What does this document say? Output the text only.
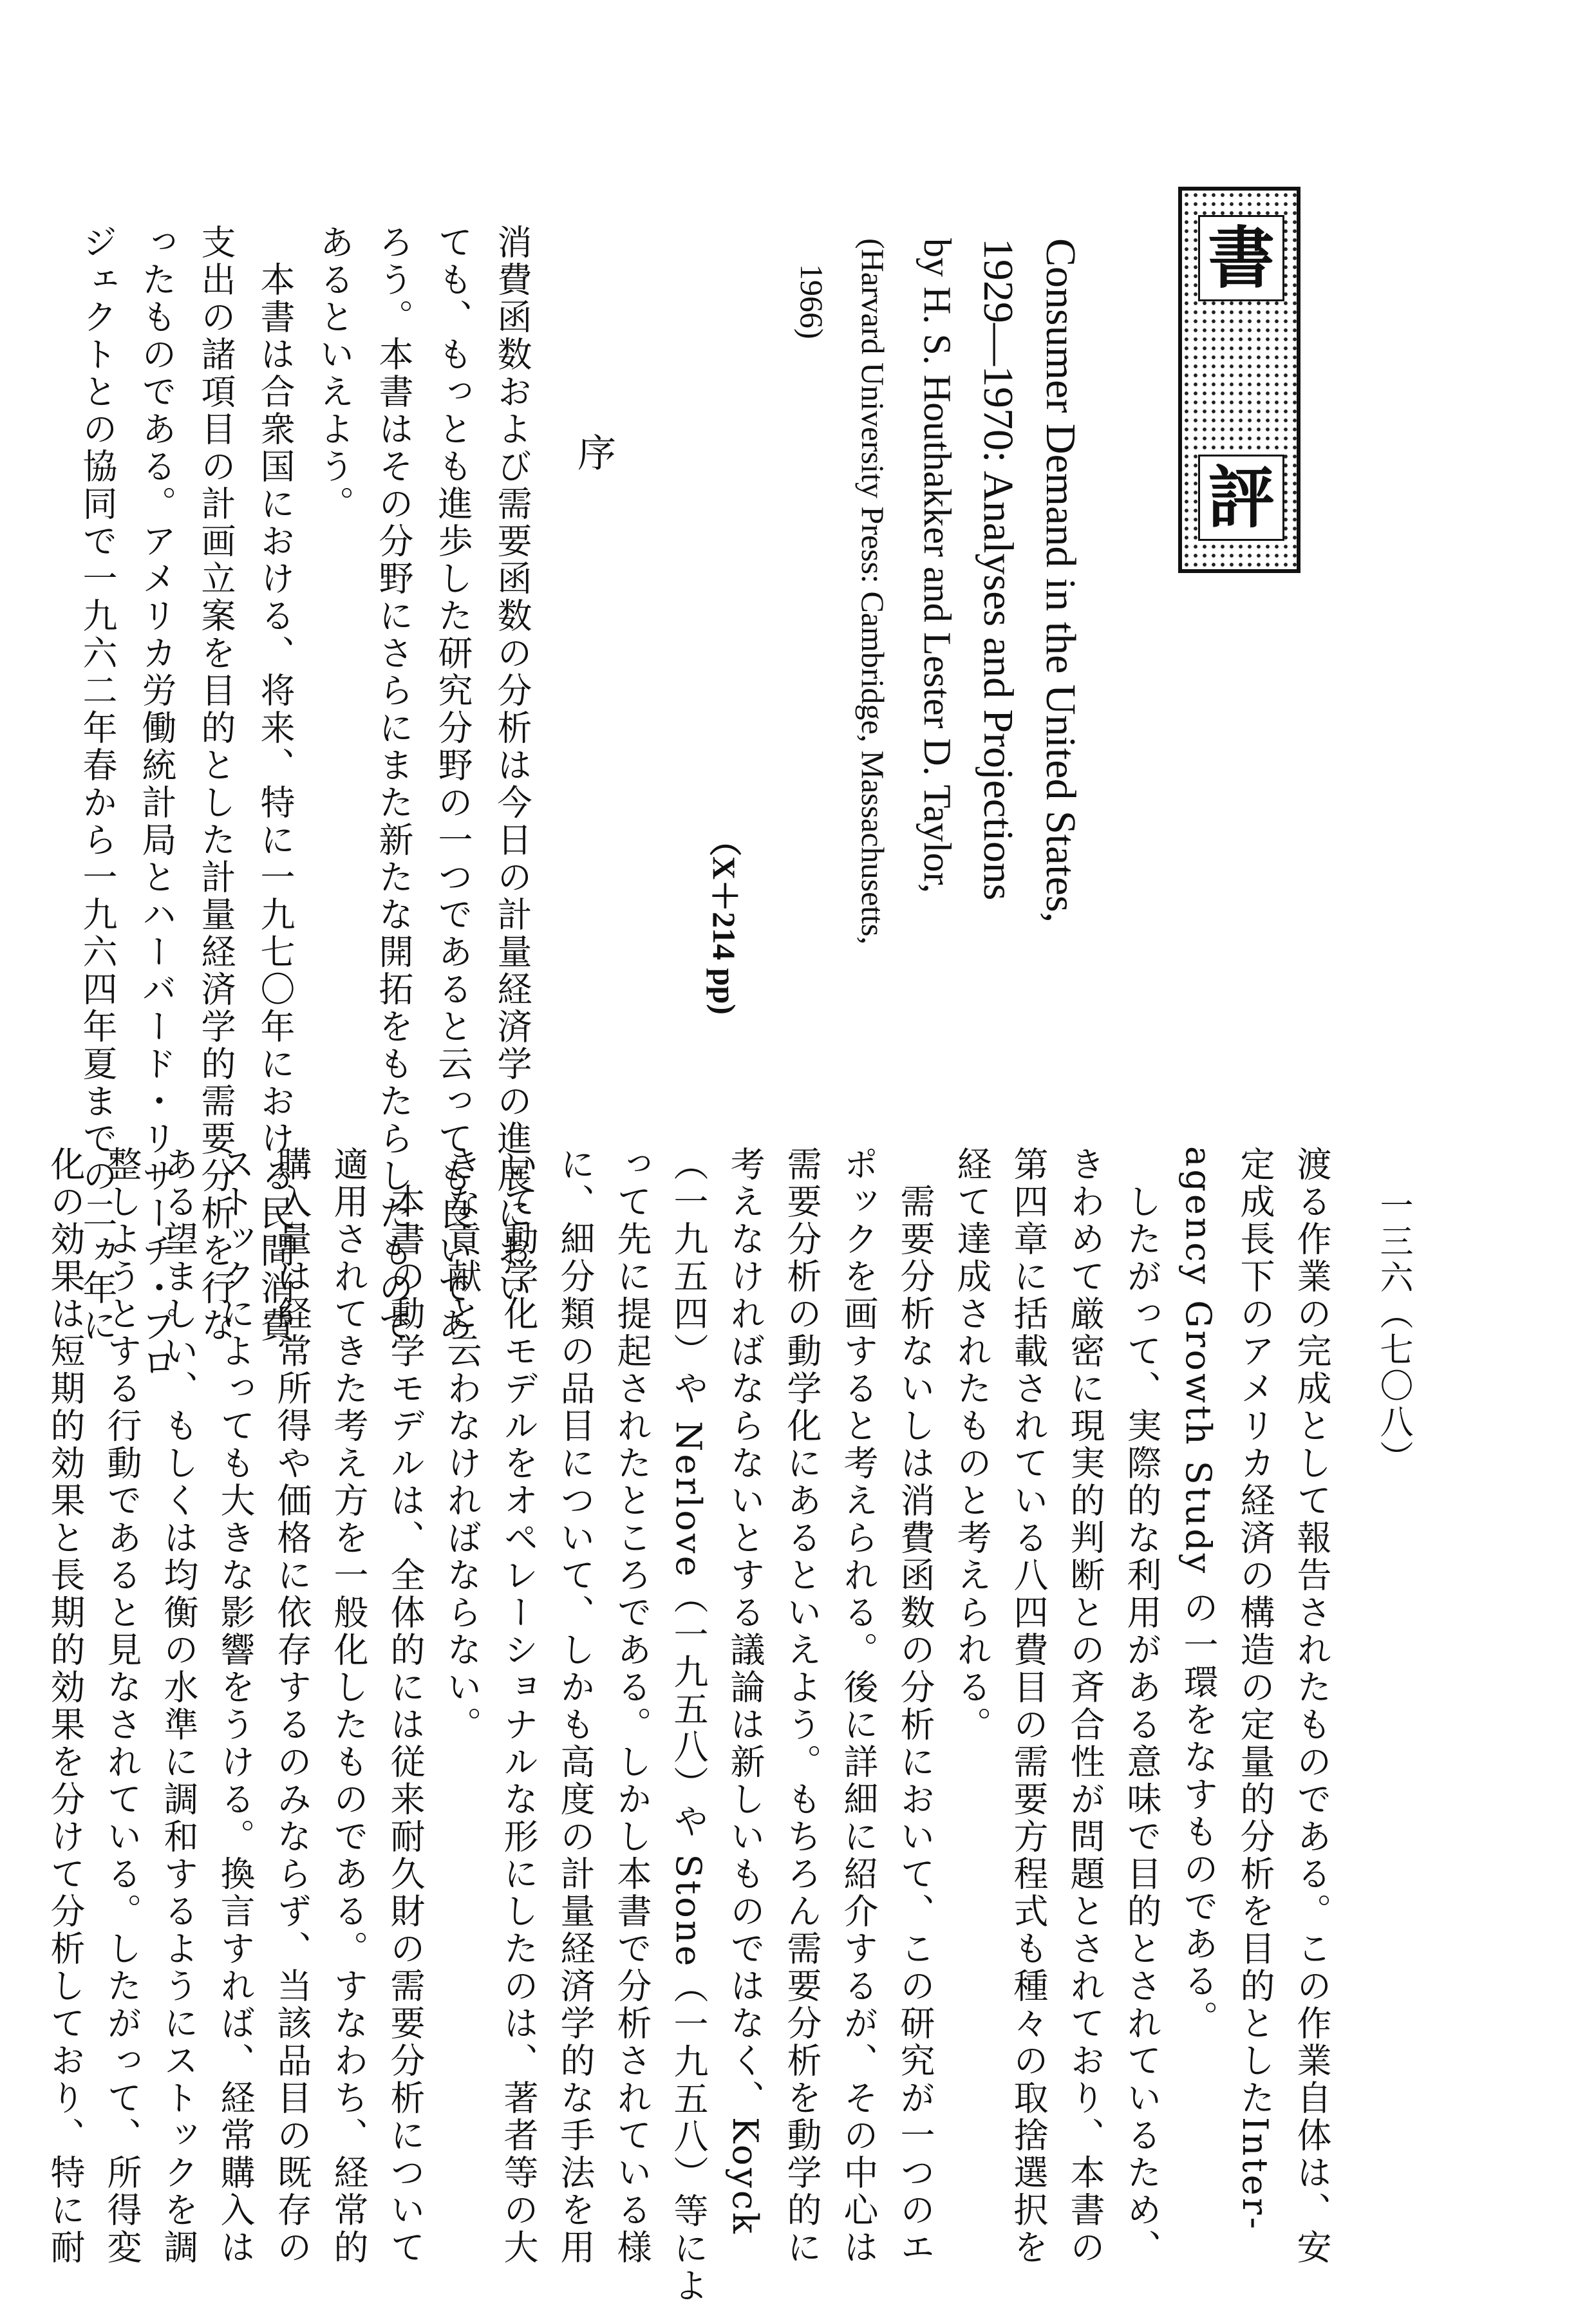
一三六（七〇八）
書
評
Consumer Demand in the United States,
1929—1970: Analyses and Projections
by H. S. Houthakker and Lester D. Taylor,
(Harvard University Press: Cambridge, Massachusetts,
1966)
（X＋214 pp)
序
消費函数および需要函数の分析は今日の計量経済学の進展におい
ても、もっとも進歩した研究分野の一つであると云っても良いであ
ろう。本書はその分野にさらにまた新たな開拓をもたらしたもので
あるといえよう。
　本書は合衆国における、将来、特に一九七〇年における民間消費
支出の諸項目の計画立案を目的とした計量経済学的需要分析を行な
ったものである。アメリカ労働統計局とハーバード・リサーチ・プロ
ジェクトとの協同で一九六二年春から一九六四年夏までの二ヵ年に
渡る作業の完成として報告されたものである。この作業自体は、安
定成長下のアメリカ経済の構造の定量的分析を目的としたInter-
agency Growth Study の一環をなすものである。
　したがって、実際的な利用がある意味で目的とされているため、
きわめて厳密に現実的判断との斉合性が問題とされており、本書の
第四章に括載されている八四費目の需要方程式も種々の取捨選択を
経て達成されたものと考えられる。
　需要分析ないしは消費函数の分析において、この研究が一つのエ
ポックを画すると考えられる。後に詳細に紹介するが、その中心は
需要分析の動学化にあるといえよう。もちろん需要分析を動学的に
考えなければならないとする議論は新しいものではなく、Koyck
（一九五四）や Nerlove（一九五八）や Stone（一九五八）等によ
って先に提起されたところである。しかし本書で分析されている様
に、細分類の品目について、しかも高度の計量経済学的な手法を用
いて動学化モデルをオペレーショナルな形にしたのは、著者等の大
きな貢献と云わなければならない。
　本書の動学モデルは、全体的には従来耐久財の需要分析について
適用されてきた考え方を一般化したものである。すなわち、経常的
購入量は経常所得や価格に依存するのみならず、当該品目の既存の
ストックによっても大きな影響をうける。換言すれば、経常購入は
ある望ましい、もしくは均衡の水準に調和するようにストックを調
整しようとする行動であると見なされている。したがって、所得変
化の効果は短期的効果と長期的効果を分けて分析しており、特に耐
